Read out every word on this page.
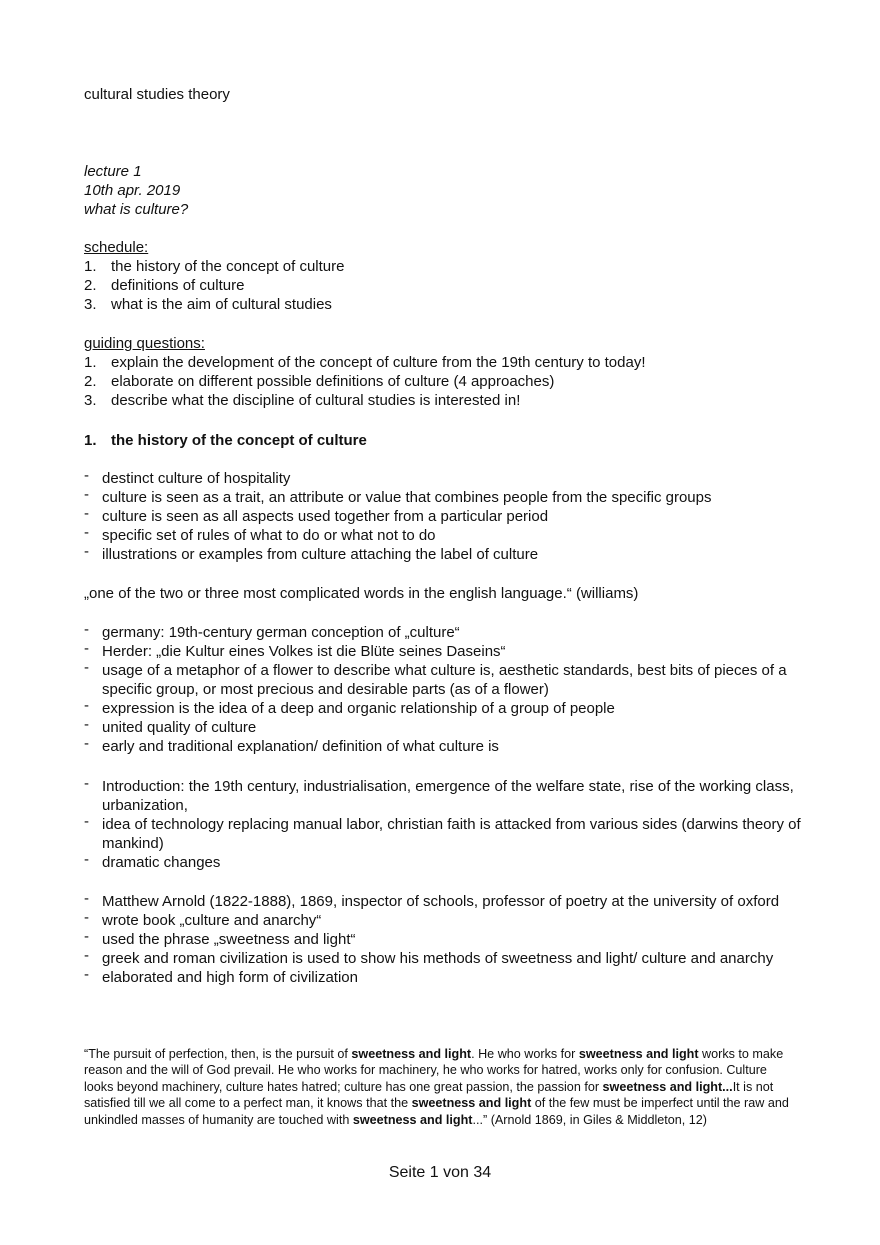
cultural studies theory
lecture 1
10th apr. 2019
what is culture?
schedule:
1. the history of the concept of culture
2. definitions of culture
3. what is the aim of cultural studies
guiding questions:
1. explain the development of the concept of culture from the 19th century to today!
2. elaborate on different possible definitions of culture (4 approaches)
3. describe what the discipline of cultural studies is interested in!
1. the history of the concept of culture
- destinct culture of hospitality
- culture is seen as a trait, an attribute or value that combines people from the specific groups
- culture is seen as all aspects used together from a particular period
- specific set of rules of what to do or what not to do
- illustrations or examples from culture attaching the label of culture
„one of the two or three most complicated words in the english language.“ (williams)
- germany: 19th-century german conception of „culture“
- Herder: „die Kultur eines Volkes ist die Blüte seines Daseins“
- usage of a metaphor of a flower to describe what culture is, aesthetic standards, best bits of pieces of a specific group, or most precious and desirable parts (as of a flower)
- expression is the idea of a deep and organic relationship of a group of people
- united quality of culture
- early and traditional explanation/ definition of what culture is
- Introduction: the 19th century, industrialisation, emergence of the welfare state, rise of the working class, urbanization,
- idea of technology replacing manual labor, christian faith is attacked from various sides (darwins theory of mankind)
- dramatic changes
- Matthew Arnold (1822-1888), 1869, inspector of schools, professor of poetry at the university of oxford
- wrote book „culture and anarchy“
- used the phrase „sweetness and light“
- greek and roman civilization is used to show his methods of sweetness and light/ culture and anarchy
- elaborated and high form of civilization
“The pursuit of perfection, then, is the pursuit of sweetness and light. He who works for sweetness and light works to make reason and the will of God prevail. He who works for machinery, he who works for hatred, works only for confusion. Culture looks beyond machinery, culture hates hatred; culture has one great passion, the passion for sweetness and light...It is not satisfied till we all come to a perfect man, it knows that the sweetness and light of the few must be imperfect until the raw and unkindled masses of humanity are touched with sweetness and light...” (Arnold 1869, in Giles & Middleton, 12)
Seite 1 von 34
